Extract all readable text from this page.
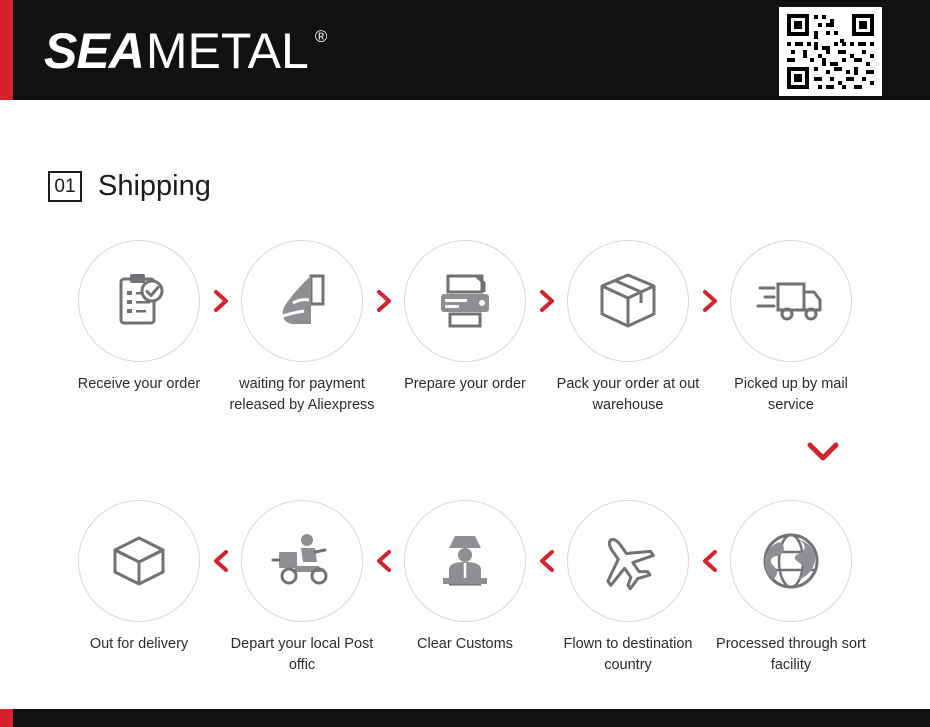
SEA METAL ®
01 Shipping
Receive your order	waiting for payment released by Aliexpress
Prepare your order	Pack your order at out warehouse
Picked up by mail service
Out for delivery	Depart your local Post offic
Clear Customs	Flown to destination country
Processed through sort facility
